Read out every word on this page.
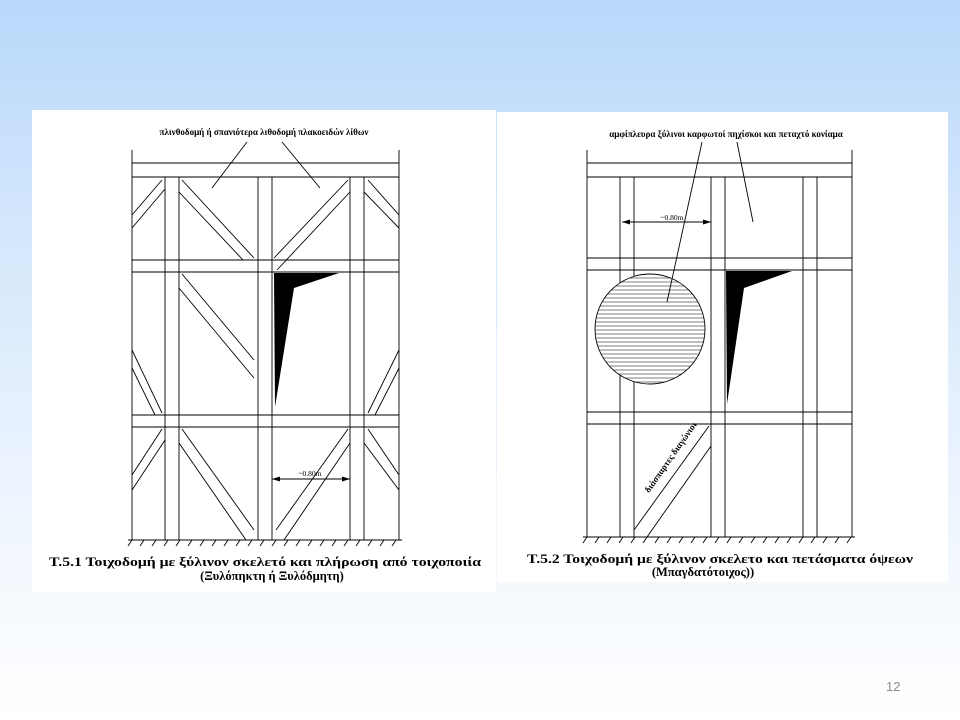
~0.80m
πλινθοδομή ή σπανιότερα λιθοδομή πλακοειδών λίθων
Τ.5.1 Τοιχοδομή με ξύλινον σκελετό και πλήρωση από τοιχοποιία
(Ξυλόπηκτη ή Ξυλόδμητη)
~0.80m
διάσπαρτες διαγώνιοι
αμφίπλευρα ξύλινοι καρφωτοί πηχίσκοι και πεταχτό κονίαμα
Τ.5.2 Τοιχοδομή με ξύλινον σκελετο και πετάσματα όψεων
(Μπαγδατότοιχος))
12
